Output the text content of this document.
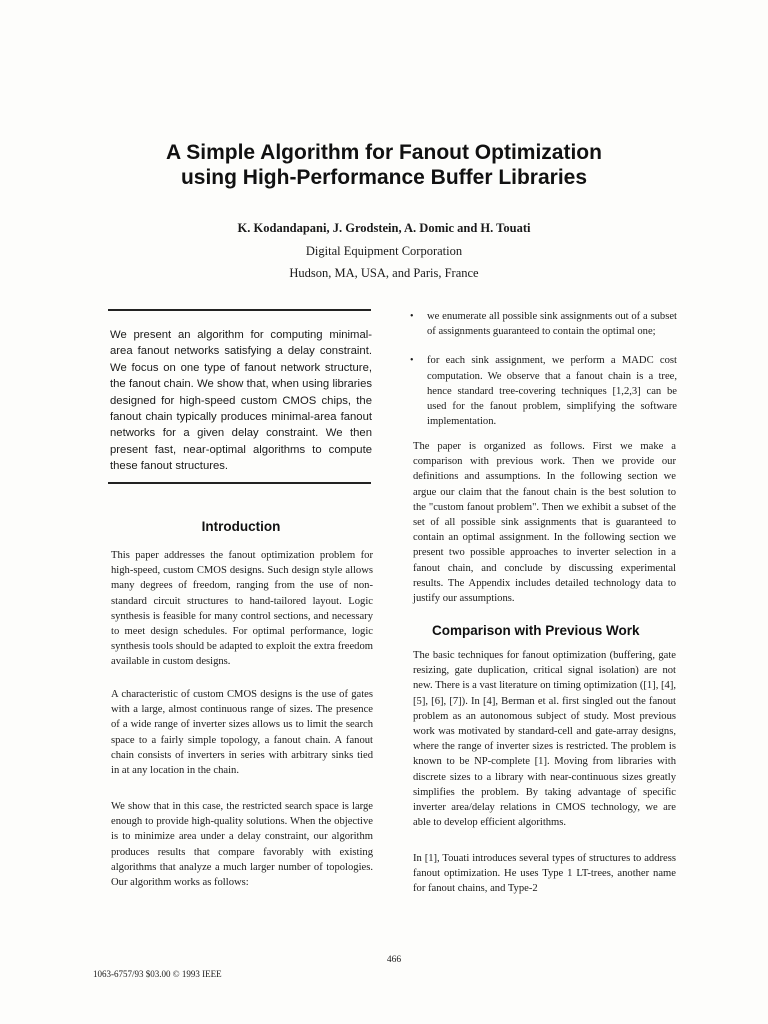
A Simple Algorithm for Fanout Optimization
using High-Performance Buffer Libraries
K. Kodandapani, J. Grodstein, A. Domic and H. Touati
Digital Equipment Corporation
Hudson, MA, USA, and Paris, France

We present an algorithm for computing minimal-area fanout networks satisfying a delay constraint. We focus on one type of fanout network structure, the fanout chain. We show that, when using libraries designed for high-speed custom CMOS chips, the fanout chain typically produces minimal-area fanout networks for a given delay constraint. We then present fast, near-optimal algorithms to compute these fanout structures.

Introduction

This paper addresses the fanout optimization problem for high-speed, custom CMOS designs. Such design style allows many degrees of freedom, ranging from the use of non-standard circuit structures to hand-tailored layout. Logic synthesis is feasible for many control sections, and necessary to meet design schedules. For optimal performance, logic synthesis tools should be adapted to exploit the extra freedom available in custom designs.

A characteristic of custom CMOS designs is the use of gates with a large, almost continuous range of sizes. The presence of a wide range of inverter sizes allows us to limit the search space to a fairly simple topology, a fanout chain. A fanout chain consists of inverters in series with arbitrary sinks tied in at any location in the chain.

We show that in this case, the restricted search space is large enough to provide high-quality solutions. When the objective is to minimize area under a delay constraint, our algorithm produces results that compare favorably with existing algorithms that analyze a much larger number of topologies. Our algorithm works as follows:

• we enumerate all possible sink assignments out of a subset of assignments guaranteed to contain the optimal one;
• for each sink assignment, we perform a MADC cost computation. We observe that a fanout chain is a tree, hence standard tree-covering techniques [1,2,3] can be used for the fanout problem, simplifying the software implementation.

The paper is organized as follows. First we make a comparison with previous work. Then we provide our definitions and assumptions. In the following section we argue our claim that the fanout chain is the best solution to the "custom fanout problem". Then we exhibit a subset of the set of all possible sink assignments that is guaranteed to contain an optimal assignment. In the following section we present two possible approaches to inverter selection in a fanout chain, and conclude by discussing experimental results. The Appendix includes detailed technology data to justify our assumptions.

Comparison with Previous Work

The basic techniques for fanout optimization (buffering, gate resizing, gate duplication, critical signal isolation) are not new. There is a vast literature on timing optimization ([1], [4], [5], [6], [7]). In [4], Berman et al. first singled out the fanout problem as an autonomous subject of study. Most previous work was motivated by standard-cell and gate-array designs, where the range of inverter sizes is restricted. The problem is known to be NP-complete [1]. Moving from libraries with discrete sizes to a library with near-continuous sizes greatly simplifies the problem. By taking advantage of specific inverter area/delay relations in CMOS technology, we are able to develop efficient algorithms.

In [1], Touati introduces several types of structures to address fanout optimization. He uses Type 1 LT-trees, another name for fanout chains, and Type-2

466
1063-6757/93 $03.00 © 1993 IEEE
